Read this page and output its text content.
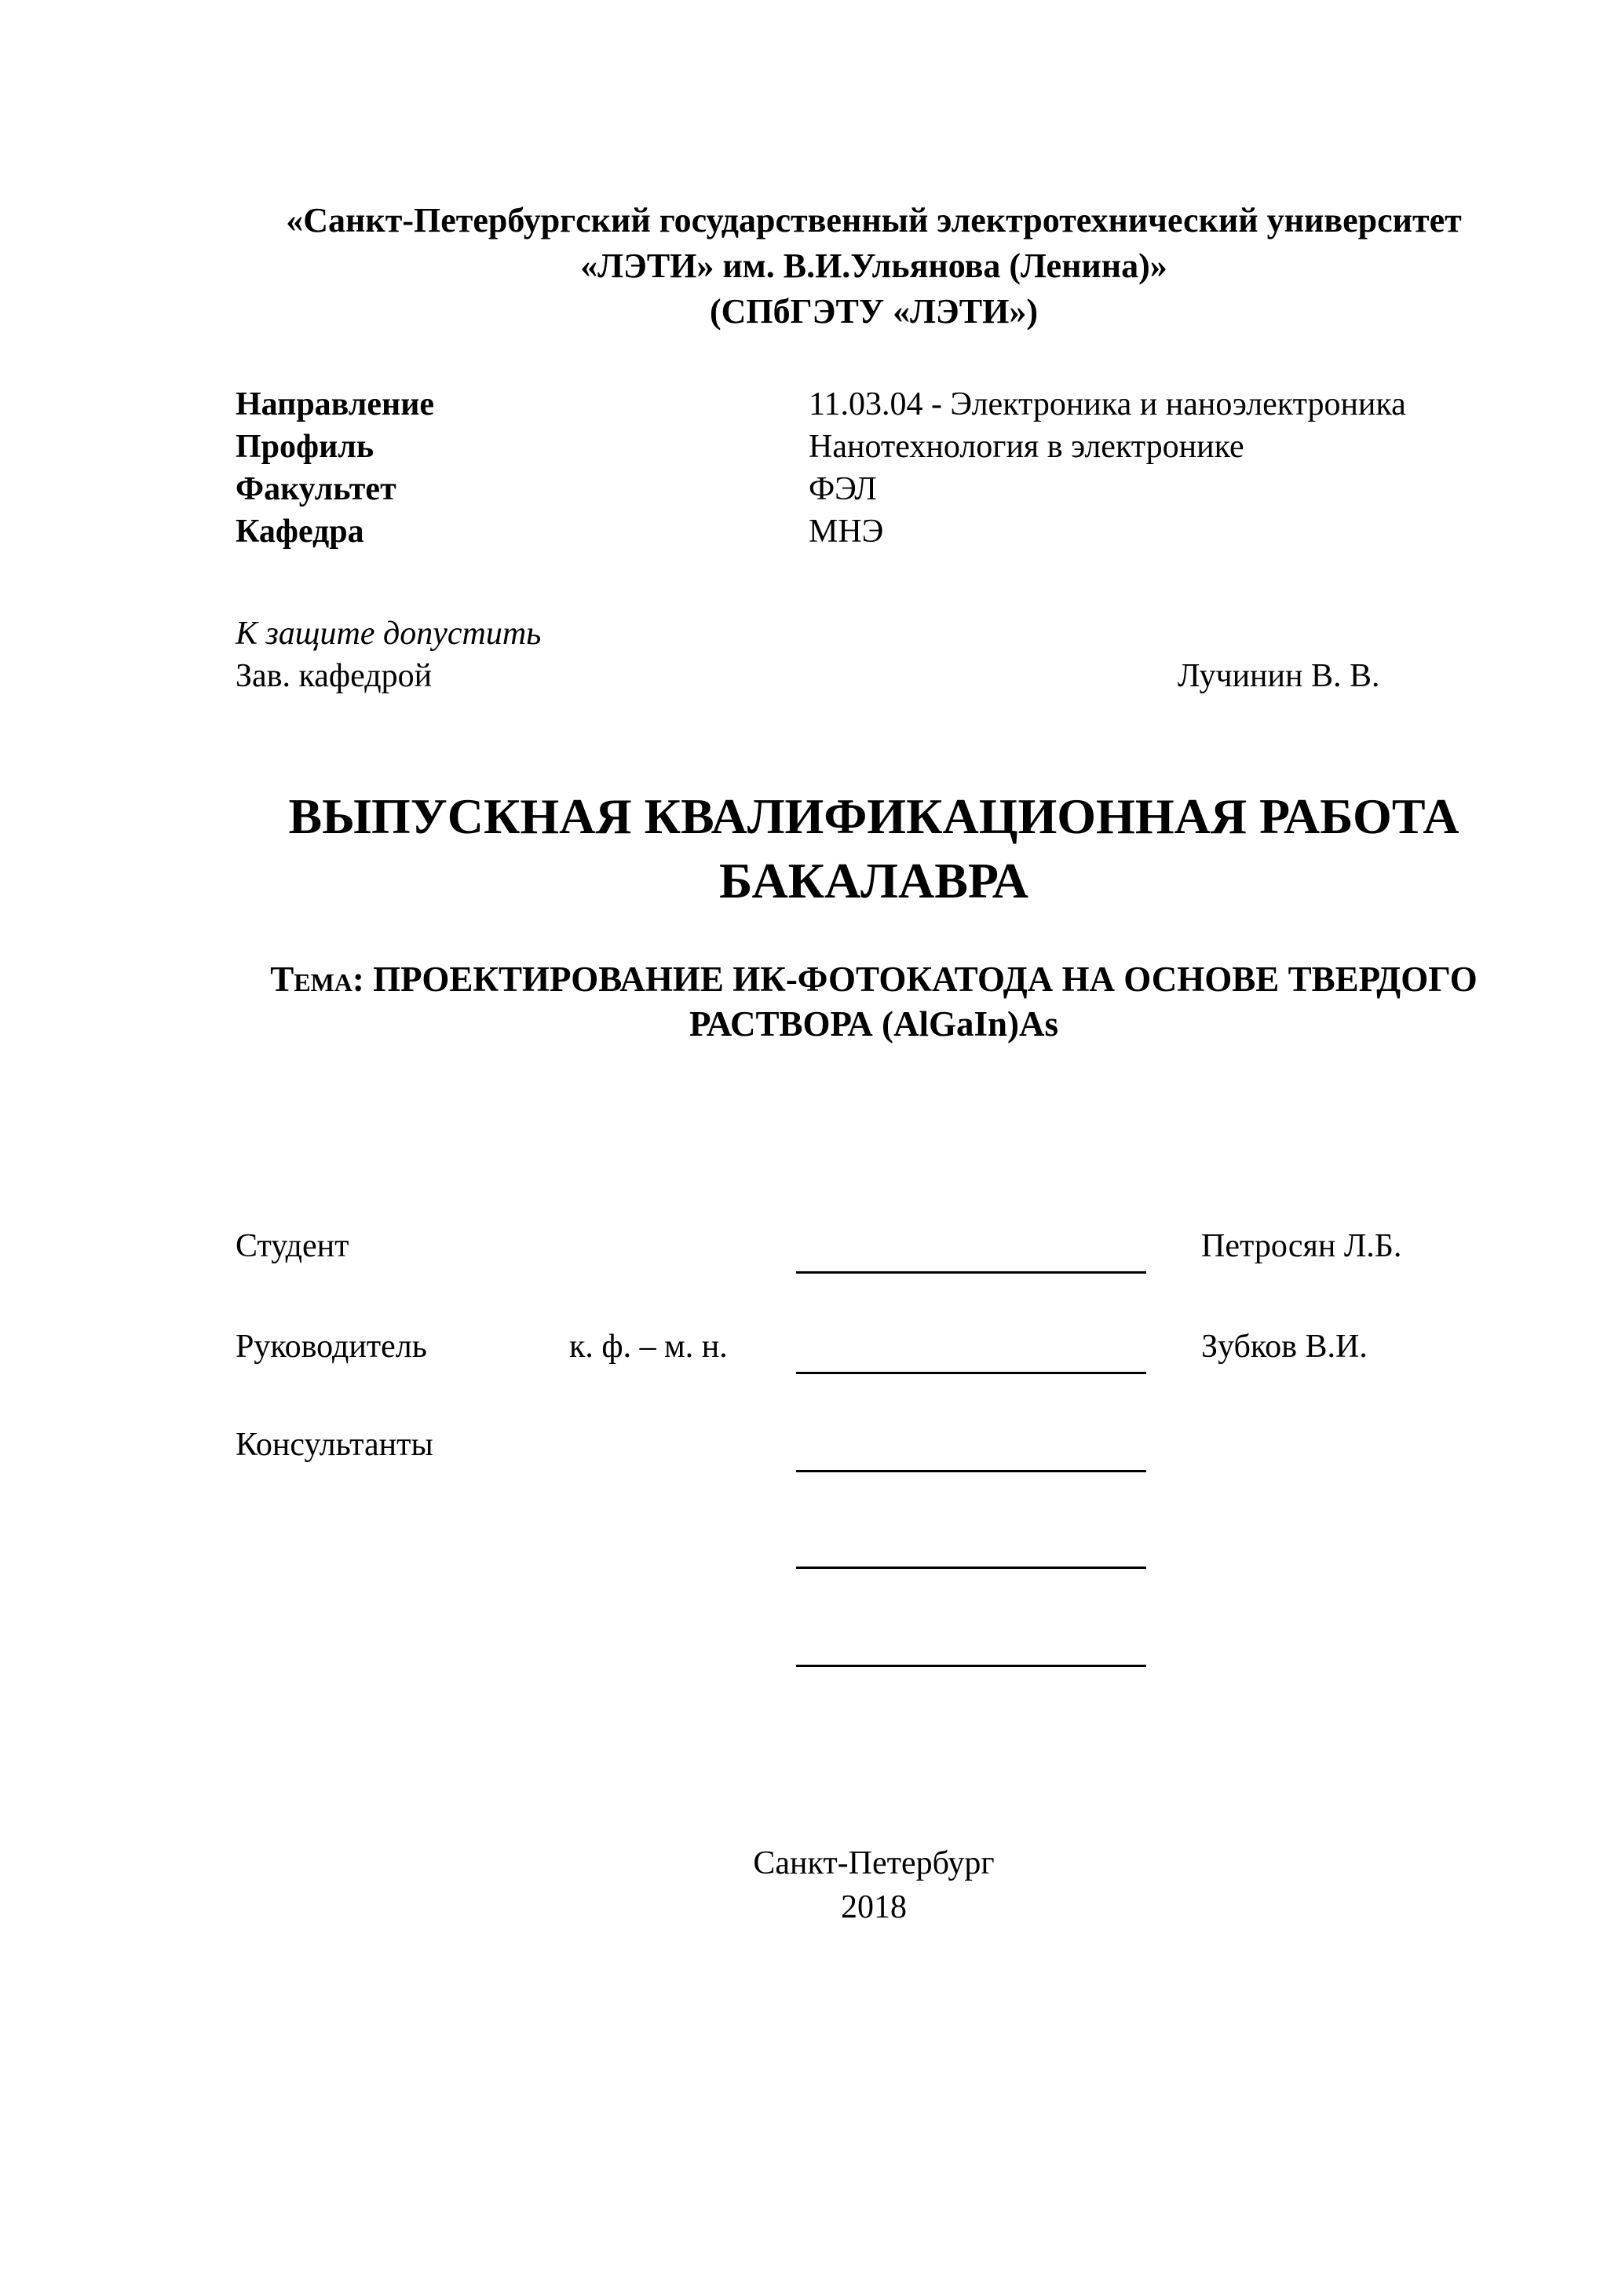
«Санкт-Петербургский государственный электротехнический университет
«ЛЭТИ» им. В.И.Ульянова (Ленина)»
(СПбГЭТУ «ЛЭТИ»)
Направление	11.03.04 - Электроника и наноэлектроника
Профиль	Нанотехнология в электронике
Факультет	ФЭЛ
Кафедра	МНЭ
К защите допустить
Зав. кафедрой	Лучинин В. В.
ВЫПУСКНАЯ КВАЛИФИКАЦИОННАЯ РАБОТА
БАКАЛАВРА
Тема: ПРОЕКТИРОВАНИЕ ИК-ФОТОКАТОДА НА ОСНОВЕ ТВЕРДОГО
РАСТВОРА (AlGaIn)As
Студент	Петросян Л.Б.
Руководитель	к. ф. – м. н.	Зубков В.И.
Консультанты
Санкт-Петербург
2018
